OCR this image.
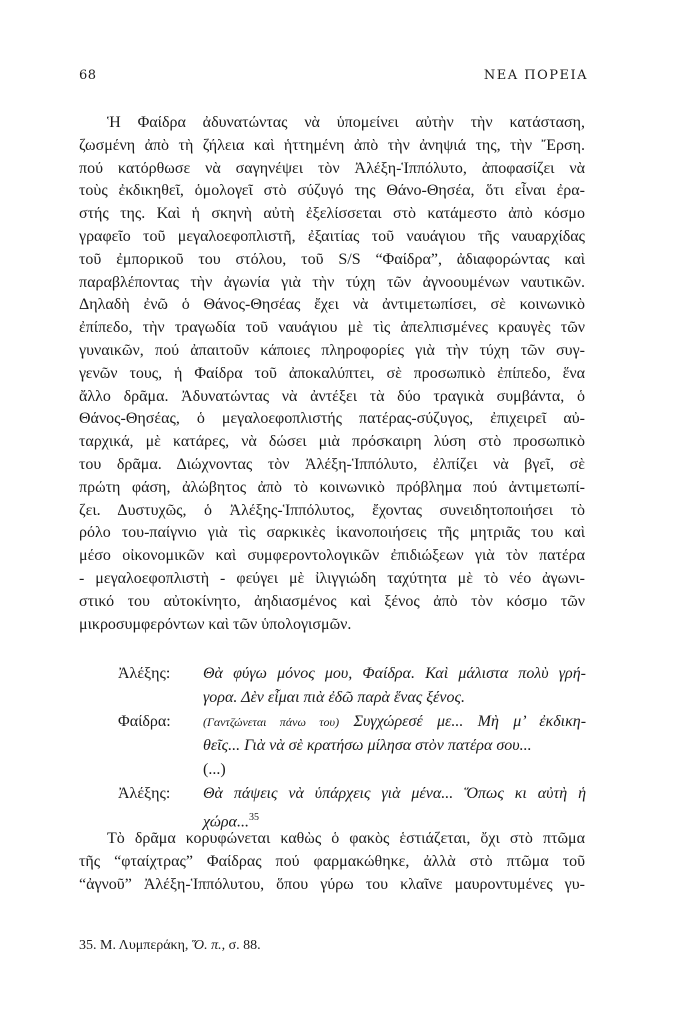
68	ΝΕΑ ΠΟΡΕΙΑ
Ἡ Φαίδρα ἀδυνατώντας νὰ ὑπομείνει αὐτὴν τὴν κατάσταση,
ζωσμένη ἀπὸ τὴ ζήλεια καὶ ἡττημένη ἀπὸ τὴν ἀνηψιά της, τὴν Ἔρση.
πού κατόρθωσε νὰ σαγηνέψει τὸν Ἀλέξη-Ἱππόλυτο, ἀποφασίζει νὰ
τοὺς ἐκδικηθεῖ, ὁμολογεῖ στὸ σύζυγό της Θάνο-Θησέα, ὅτι εἶναι ἐρα-
στής της. Καὶ ἡ σκηνὴ αὐτὴ ἐξελίσσεται στὸ κατάμεστο ἀπὸ κόσμο
γραφεῖο τοῦ μεγαλοεφοπλιστῆ, ἐξαιτίας τοῦ ναυάγιου τῆς ναυαρχίδας
τοῦ ἐμπορικοῦ του στόλου, τοῦ S/S “Φαίδρα”, ἀδιαφορώντας καὶ
παραβλέποντας τὴν ἀγωνία γιὰ τὴν τύχη τῶν ἀγνοουμένων ναυτικῶν.
Δηλαδὴ ἐνῶ ὁ Θάνος-Θησέας ἔχει νὰ ἀντιμετωπίσει, σὲ κοινωνικὸ
ἐπίπεδο, τὴν τραγωδία τοῦ ναυάγιου μὲ τὶς ἀπελπισμένες κραυγὲς τῶν
γυναικῶν, πού ἀπαιτοῦν κάποιες πληροφορίες γιὰ τὴν τύχη τῶν συγ-
γενῶν τους, ἡ Φαίδρα τοῦ ἀποκαλύπτει, σὲ προσωπικὸ ἐπίπεδο, ἕνα
ἄλλο δρᾶμα. Ἀδυνατώντας νὰ ἀντέξει τὰ δύο τραγικὰ συμβάντα, ὁ
Θάνος-Θησέας, ὁ μεγαλοεφοπλιστής πατέρας-σύζυγος, ἐπιχειρεῖ αὐ-
ταρχικά, μὲ κατάρες, νὰ δώσει μιὰ πρόσκαιρη λύση στὸ προσωπικὸ
του δρᾶμα. Διώχνοντας τὸν Ἀλέξη-Ἱππόλυτο, ἐλπίζει νὰ βγεῖ, σὲ
πρώτη φάση, ἀλώβητος ἀπὸ τὸ κοινωνικὸ πρόβλημα πού ἀντιμετωπί-
ζει. Δυστυχῶς, ὁ Ἀλέξης-Ἱππόλυτος, ἔχοντας συνειδητοποιήσει τὸ
ρόλο του-παίγνιο γιὰ τὶς σαρκικὲς ἱκανοποιήσεις τῆς μητριᾶς του καὶ
μέσο οἰκονομικῶν καὶ συμφεροντολογικῶν ἐπιδιώξεων γιὰ τὸν πατέρα
- μεγαλοεφοπλιστὴ - φεύγει μὲ ἰλιγγιώδη ταχύτητα μὲ τὸ νέο ἀγωνι-
στικό του αὐτοκίνητο, ἀηδιασμένος καὶ ξένος ἀπὸ τὸν κόσμο τῶν
μικροσυμφερόντων καὶ τῶν ὑπολογισμῶν.
Ἀλέξης: Θὰ φύγω μόνος μου, Φαίδρα. Καὶ μάλιστα πολὺ γρή-
γορα. Δὲν εἶμαι πιὰ ἐδῶ παρὰ ἕνας ξένος.
Φαίδρα:	(Γαντζώνεται πάνω του) Συγχώρεσέ με... Μὴ μ’ ἐκδικη-
θεῖς... Γιὰ νὰ σὲ κρατήσω μίλησα στὸν πατέρα σου...
(...)
Ἀλέξης: Θὰ πάψεις νὰ ὑπάρχεις γιὰ μένα... Ὅπως κι αὐτὴ ἡ
χώρα...$^{35}$
Τὸ δρᾶμα κορυφώνεται καθὼς ὁ φακὸς ἑστιάζεται, ὄχι στὸ πτῶμα
τῆς “φταίχτρας” Φαίδρας πού φαρμακώθηκε, ἀλλὰ στὸ πτῶμα τοῦ
“ἀγνοῦ” Ἀλέξη-Ἱππόλυτου, ὅπου γύρω του κλαῖνε μαυροντυμένες γυ-
35. Μ. Λυμπεράκη, Ὅ. π., σ. 88.
